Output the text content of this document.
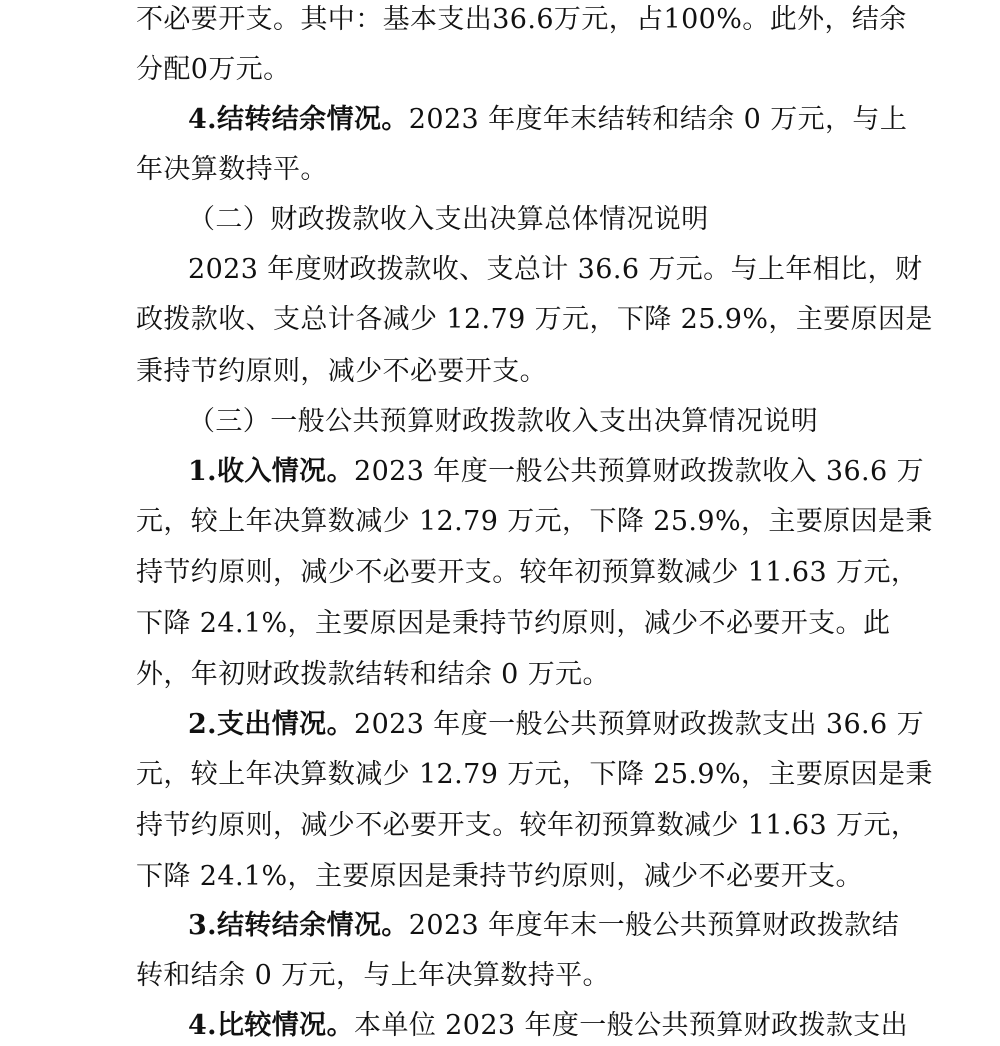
不必要开支。其中：基本支出36.6万元，占100%。此外，结余
分配0万元。
4.结转结余情况。2023 年度年末结转和结余 0 万元，与上
年决算数持平。
（二）财政拨款收入支出决算总体情况说明
2023 年度财政拨款收、支总计 36.6 万元。与上年相比，财
政拨款收、支总计各减少 12.79 万元，下降 25.9%，主要原因是
秉持节约原则，减少不必要开支。
（三）一般公共预算财政拨款收入支出决算情况说明
1.收入情况。2023 年度一般公共预算财政拨款收入 36.6 万
元，较上年决算数减少 12.79 万元，下降 25.9%，主要原因是秉
持节约原则，减少不必要开支。较年初预算数减少 11.63 万元，
下降 24.1%，主要原因是秉持节约原则，减少不必要开支。此
外，年初财政拨款结转和结余 0 万元。
2.支出情况。2023 年度一般公共预算财政拨款支出 36.6 万
元，较上年决算数减少 12.79 万元，下降 25.9%，主要原因是秉
持节约原则，减少不必要开支。较年初预算数减少 11.63 万元，
下降 24.1%，主要原因是秉持节约原则，减少不必要开支。
3.结转结余情况。2023 年度年末一般公共预算财政拨款结
转和结余 0 万元，与上年决算数持平。
4.比较情况。本单位 2023 年度一般公共预算财政拨款支出
